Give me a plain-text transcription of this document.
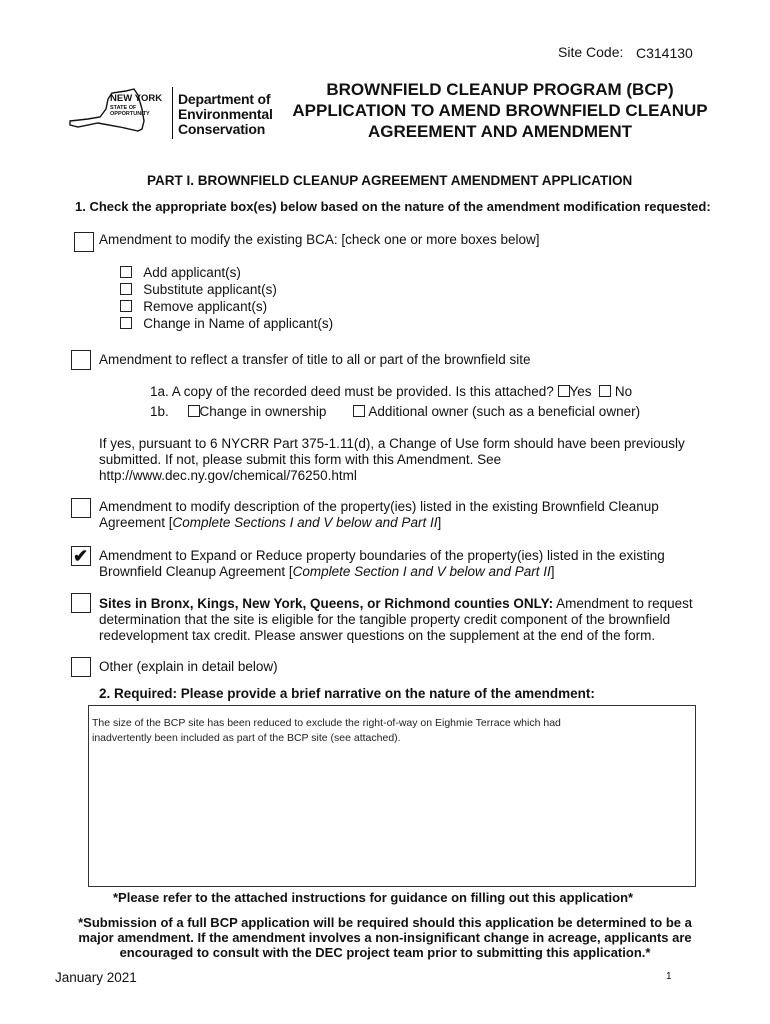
Site Code: C314130
NEW YORK
STATE OF
OPPORTUNITY
Department of
Environmental
Conservation
BROWNFIELD CLEANUP PROGRAM (BCP)
APPLICATION TO AMEND BROWNFIELD CLEANUP
AGREEMENT AND AMENDMENT
PART I. BROWNFIELD CLEANUP AGREEMENT AMENDMENT APPLICATION
1. Check the appropriate box(es) below based on the nature of the amendment modification requested:
Amendment to modify the existing BCA: [check one or more boxes below]
Add applicant(s)
Substitute applicant(s)
Remove applicant(s)
Change in Name of applicant(s)
Amendment to reflect a transfer of title to all or part of the brownfield site
1a. A copy of the recorded deed must be provided. Is this attached? Yes No
1b. Change in ownership	Additional owner (such as a beneficial owner)
If yes, pursuant to 6 NYCRR Part 375-1.11(d), a Change of Use form should have been previously
submitted. If not, please submit this form with this Amendment. See
http://www.dec.ny.gov/chemical/76250.html
Amendment to modify description of the property(ies) listed in the existing Brownfield Cleanup
Agreement [Complete Sections I and V below and Part II]
✔ Amendment to Expand or Reduce property boundaries of the property(ies) listed in the existing
Brownfield Cleanup Agreement [Complete Section I and V below and Part II]
Sites in Bronx, Kings, New York, Queens, or Richmond counties ONLY: Amendment to request
determination that the site is eligible for the tangible property credit component of the brownfield
redevelopment tax credit. Please answer questions on the supplement at the end of the form.
Other (explain in detail below)
2. Required: Please provide a brief narrative on the nature of the amendment:
The size of the BCP site has been reduced to exclude the right-of-way on Eighmie Terrace which had
inadvertently been included as part of the BCP site (see attached).
*Please refer to the attached instructions for guidance on filling out this application*
*Submission of a full BCP application will be required should this application be determined to be a
major amendment. If the amendment involves a non-insignificant change in acreage, applicants are
encouraged to consult with the DEC project team prior to submitting this application.*
January 2021	1
